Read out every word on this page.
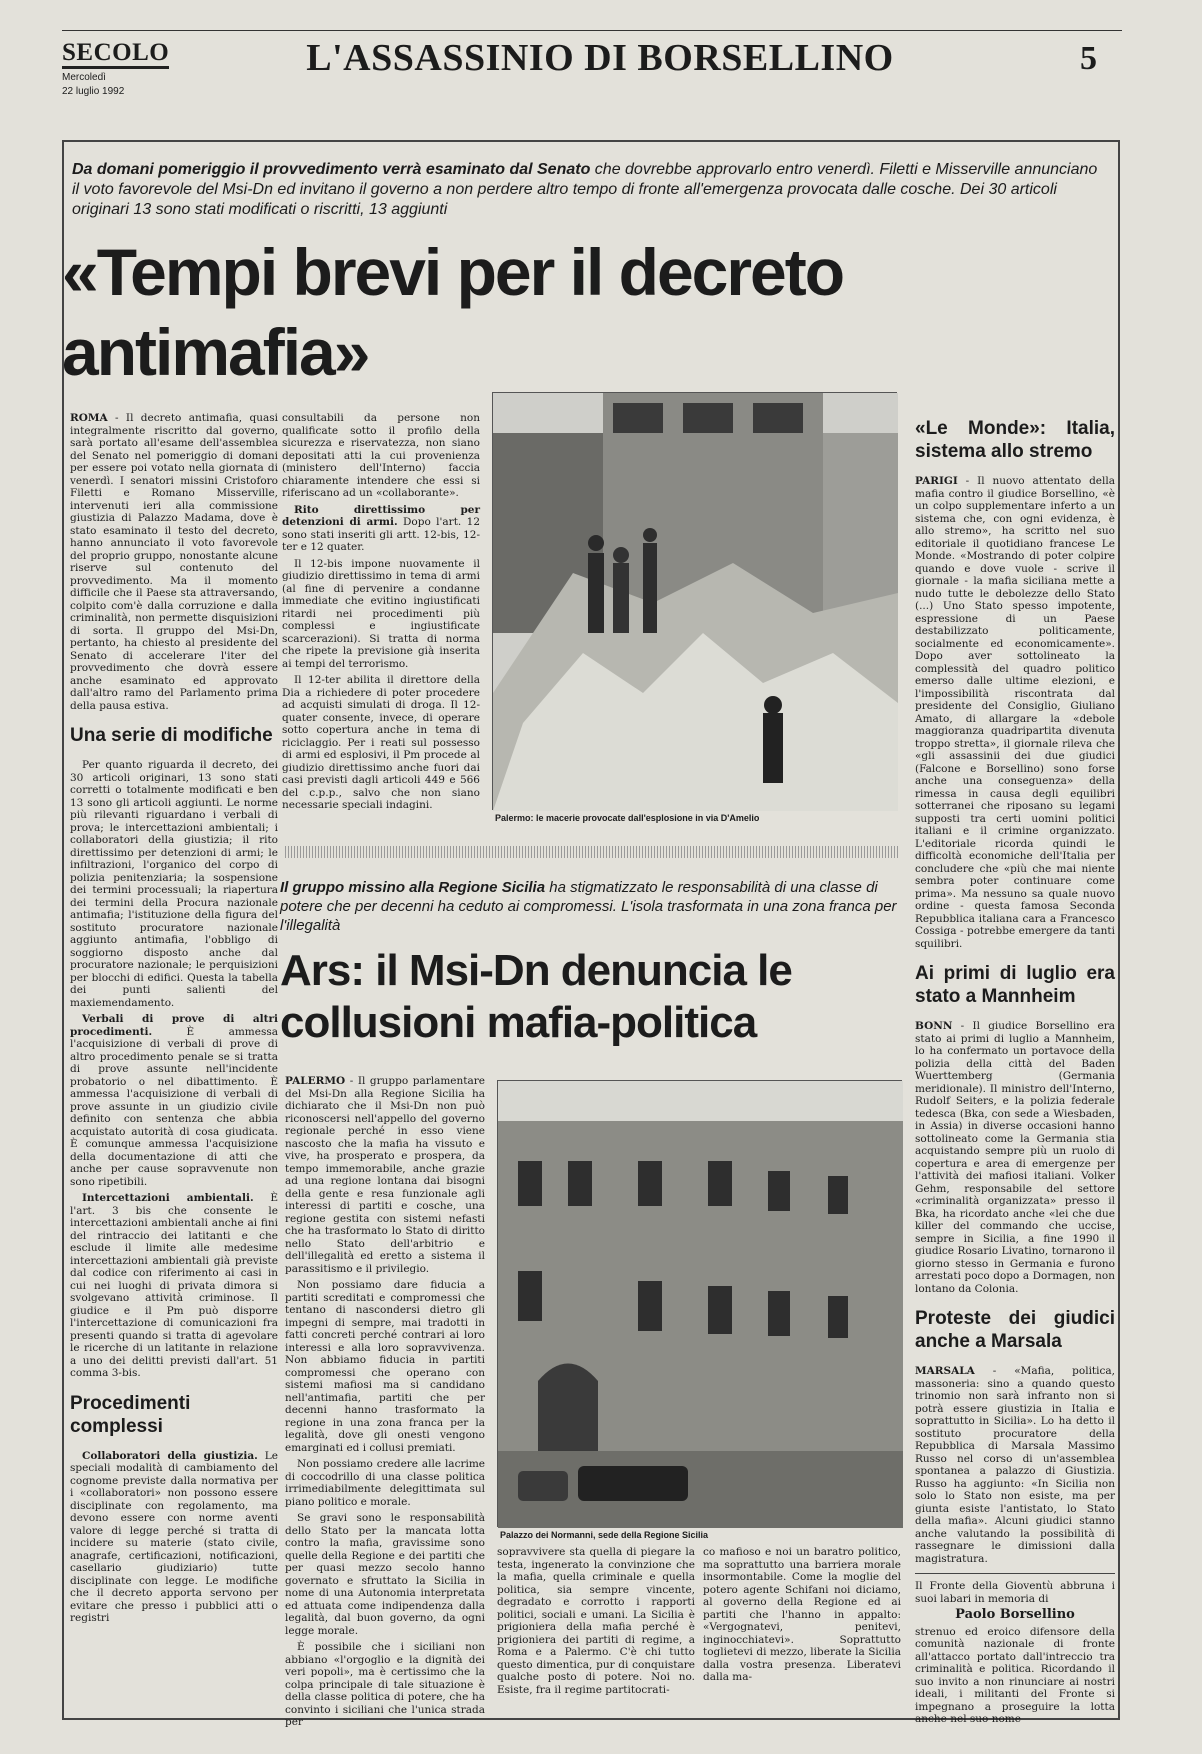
SECOLO
Mercoledì
22 luglio 1992
L'ASSASSINIO DI BORSELLINO	5
Da domani pomeriggio il provvedimento verrà esaminato dal Senato che dovrebbe approvarlo entro venerdì. Filetti e Misserville annunciano il voto favorevole del Msi-Dn ed invitano il governo a non perdere altro tempo di fronte all'emergenza provocata dalle cosche. Dei 30 articoli originari 13 sono stati modificati o riscritti, 13 aggiunti
«Tempi brevi per il decreto antimafia»

ROMA - Il decreto antimafia, quasi integralmente riscritto dal governo, sarà portato all'esame dell'assemblea del Senato nel pomeriggio di domani per essere poi votato nella giornata di venerdì. I senatori missini Cristoforo Filetti e Romano Misserville, intervenuti ieri alla commissione giustizia di Palazzo Madama, dove è stato esaminato il testo del decreto, hanno annunciato il voto favorevole del proprio gruppo, nonostante alcune riserve sul contenuto del provvedimento. Ma il momento difficile che il Paese sta attraversando, colpito com'è dalla corruzione e dalla criminalità, non permette disquisizioni di sorta. Il gruppo del Msi-Dn, pertanto, ha chiesto al presidente del Senato di accelerare l'iter del provvedimento che dovrà essere anche esaminato ed approvato dall'altro ramo del Parlamento prima della pausa estiva.

Una serie di modifiche

Per quanto riguarda il decreto, dei 30 articoli originari, 13 sono stati corretti o totalmente modificati e ben 13 sono gli articoli aggiunti. Le norme più rilevanti riguardano i verbali di prova; le intercettazioni ambientali; i collaboratori della giustizia; il rito direttissimo per detenzioni di armi; le infiltrazioni, l'organico del corpo di polizia penitenziaria; la sospensione dei termini processuali; la riapertura dei termini della Procura nazionale antimafia; l'istituzione della figura del sostituto procuratore nazionale aggiunto antimafia, l'obbligo di soggiorno disposto anche dal procuratore nazionale; le perquisizioni per blocchi di edifici. Questa la tabella dei punti salienti del maxiemendamento.

Verbali di prove di altri procedimenti. È ammessa l'acquisizione di verbali di prove di altro procedimento penale se si tratta di prove assunte nell'incidente probatorio o nel dibattimento. È ammessa l'acquisizione di verbali di prove assunte in un giudizio civile definito con sentenza che abbia acquistato autorità di cosa giudicata. È comunque ammessa l'acquisizione della documentazione di atti che anche per cause sopravvenute non sono ripetibili.

Intercettazioni ambientali. È l'art. 3 bis che consente le intercettazioni ambientali anche ai fini del rintraccio dei latitanti e che esclude il limite alle medesime intercettazioni ambientali già previste dal codice con riferimento ai casi in cui nei luoghi di privata dimora si svolgevano attività criminose. Il giudice e il Pm può disporre l'intercettazione di comunicazioni fra presenti quando si tratta di agevolare le ricerche di un latitante in relazione a uno dei delitti previsti dall'art. 51 comma 3-bis.

Procedimenti complessi

Collaboratori della giustizia. Le speciali modalità di cambiamento del cognome previste dalla normativa per i «collaboratori» non possono essere disciplinate con regolamento, ma devono essere con norme aventi valore di legge perché si tratta di incidere su materie (stato civile, anagrafe, certificazioni, notificazioni, casellario giudiziario) tutte disciplinate con legge. Le modifiche che il decreto apporta servono per evitare che presso i pubblici atti o registri

consultabili da persone non qualificate sotto il profilo della sicurezza e riservatezza, non siano depositati atti la cui provenienza (ministero dell'Interno) faccia chiaramente intendere che essi si riferiscano ad un «collaborante».

Rito direttissimo per detenzioni di armi. Dopo l'art. 12 sono stati inseriti gli artt. 12-bis, 12-ter e 12 quater.

Il 12-bis impone nuovamente il giudizio direttissimo in tema di armi (al fine di pervenire a condanne immediate che evitino ingiustificati ritardi nei procedimenti più complessi e ingiustificate scarcerazioni). Si tratta di norma che ripete la previsione già inserita ai tempi del terrorismo.

Il 12-ter abilita il direttore della Dia a richiedere di poter procedere ad acquisti simulati di droga. Il 12-quater consente, invece, di operare sotto copertura anche in tema di riciclaggio. Per i reati sul possesso di armi ed esplosivi, il Pm procede al giudizio direttissimo anche fuori dai casi previsti dagli articoli 449 e 566 del c.p.p., salvo che non siano necessarie speciali indagini.

Palermo: le macerie provocate dall'esplosione in via D'Amelio
«Le Monde»: Italia, sistema allo stremo

PARIGI - Il nuovo attentato della mafia contro il giudice Borsellino, «è un colpo supplementare inferto a un sistema che, con ogni evidenza, è allo stremo», ha scritto nel suo editoriale il quotidiano francese Le Monde. «Mostrando di poter colpire quando e dove vuole - scrive il giornale - la mafia siciliana mette a nudo tutte le debolezze dello Stato (...) Uno Stato spesso impotente, espressione di un Paese destabilizzato politicamente, socialmente ed economicamente». Dopo aver sottolineato la complessità del quadro politico emerso dalle ultime elezioni, e l'impossibilità riscontrata dal presidente del Consiglio, Giuliano Amato, di allargare la «debole maggioranza quadripartita divenuta troppo stretta», il giornale rileva che «gli assassinii dei due giudici (Falcone e Borsellino) sono forse anche una conseguenza» della rimessa in causa degli equilibri sotterranei che riposano su legami supposti tra certi uomini politici italiani e il crimine organizzato. L'editoriale ricorda quindi le difficoltà economiche dell'Italia per concludere che «più che mai niente sembra poter continuare come prima». Ma nessuno sa quale nuovo ordine - questa famosa Seconda Repubblica italiana cara a Francesco Cossiga - potrebbe emergere da tanti squilibri.

Ai primi di luglio era stato a Mannheim

BONN - Il giudice Borsellino era stato ai primi di luglio a Mannheim, lo ha confermato un portavoce della polizia della città del Baden Wuerttemberg (Germania meridionale). Il ministro dell'Interno, Rudolf Seiters, e la polizia federale tedesca (Bka, con sede a Wiesbaden, in Assia) in diverse occasioni hanno sottolineato come la Germania stia acquistando sempre più un ruolo di copertura e area di emergenze per l'attività dei mafiosi italiani. Volker Gehm, responsabile del settore «criminalità organizzata» presso il Bka, ha ricordato anche «lei che due killer del commando che uccise, sempre in Sicilia, a fine 1990 il giudice Rosario Livatino, tornarono il giorno stesso in Germania e furono arrestati poco dopo a Dormagen, non lontano da Colonia.

Proteste dei giudici anche a Marsala

MARSALA - «Mafia, politica, massoneria: sino a quando questo trinomio non sarà infranto non si potrà essere giustizia in Italia e soprattutto in Sicilia». Lo ha detto il sostituto procuratore della Repubblica di Marsala Massimo Russo nel corso di un'assemblea spontanea a palazzo di Giustizia. Russo ha aggiunto: «In Sicilia non solo lo Stato non esiste, ma per giunta esiste l'antistato, lo Stato della mafia». Alcuni giudici stanno anche valutando la possibilità di rassegnare le dimissioni dalla magistratura.

Il Fronte della Gioventù abbruna i suoi labari in memoria di

Paolo Borsellino

strenuo ed eroico difensore della comunità nazionale di fronte all'attacco portato dall'intreccio tra criminalità e politica. Ricordando il suo invito a non rinunciare ai nostri ideali, i militanti del Fronte si impegnano a proseguire la lotta anche nel suo nome

Il gruppo missino alla Regione Sicilia ha stigmatizzato le responsabilità di una classe di potere che per decenni ha ceduto ai compromessi. L'isola trasformata in una zona franca per l'illegalità
Ars: il Msi-Dn denuncia le collusioni mafia-politica

PALERMO - Il gruppo parlamentare del Msi-Dn alla Regione Sicilia ha dichiarato che il Msi-Dn non può riconoscersi nell'appello del governo regionale perché in esso viene nascosto che la mafia ha vissuto e vive, ha prosperato e prospera, da tempo immemorabile, anche grazie ad una regione lontana dai bisogni della gente e resa funzionale agli interessi di partiti e cosche, una regione gestita con sistemi nefasti che ha trasformato lo Stato di diritto nello Stato dell'arbitrio e dell'illegalità ed eretto a sistema il parassitismo e il privilegio.

Non possiamo dare fiducia a partiti screditati e compromessi che tentano di nascondersi dietro gli impegni di sempre, mai tradotti in fatti concreti perché contrari ai loro interessi e alla loro sopravvivenza. Non abbiamo fiducia in partiti compromessi che operano con sistemi mafiosi ma si candidano nell'antimafia, partiti che per decenni hanno trasformato la regione in una zona franca per la legalità, dove gli onesti vengono emarginati ed i collusi premiati.

Non possiamo credere alle lacrime di coccodrillo di una classe politica irrimediabilmente delegittimata sul piano politico e morale.

Se gravi sono le responsabilità dello Stato per la mancata lotta contro la mafia, gravissime sono quelle della Regione e dei partiti che per quasi mezzo secolo hanno governato e sfruttato la Sicilia in nome di una Autonomia interpretata ed attuata come indipendenza dalla legalità, dal buon governo, da ogni legge morale.

È possibile che i siciliani non abbiano «l'orgoglio e la dignità dei veri popoli», ma è certissimo che la colpa principale di tale situazione è della classe politica di potere, che ha convinto i siciliani che l'unica strada per

Palazzo dei Normanni, sede della Regione Sicilia

sopravvivere sta quella di piegare la testa, ingenerato la convinzione che la mafia, quella criminale e quella politica, sia sempre vincente, degradato e corrotto i rapporti politici, sociali e umani. La Sicilia è prigioniera della mafia perché è prigioniera dei partiti di regime, a Roma e a Palermo. C'è chi tutto questo dimentica, pur di conquistare qualche posto di potere. Noi no. Esiste, fra il regime partitocrati-

co mafioso e noi un baratro politico, ma soprattutto una barriera morale insormontabile. Come la moglie del potero agente Schifani noi diciamo, al governo della Regione ed ai partiti che l'hanno in appalto: «Vergognatevi, penitevi, inginocchiatevi». Soprattutto toglietevi di mezzo, liberate la Sicilia dalla vostra presenza. Liberatevi dalla ma-
